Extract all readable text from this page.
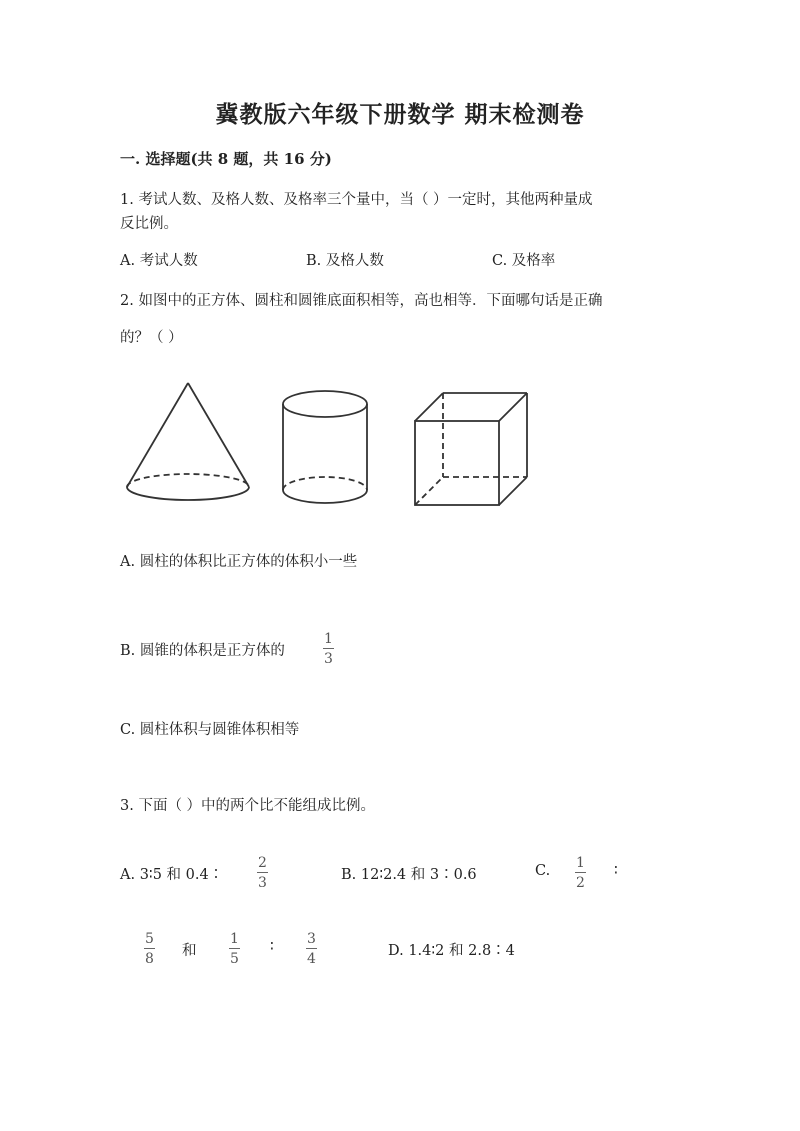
冀教版六年级下册数学 期末检测卷
一. 选择题(共 8 题，共 16 分)
1. 考试人数、及格人数、及格率三个量中，当（ ）一定时，其他两种量成
反比例。
A. 考试人数	B. 及格人数	C. 及格率
2. 如图中的正方体、圆柱和圆锥底面积相等，高也相等．下面哪句话是正确
的？（ ）
A. 圆柱的体积比正方体的体积小一些
B. 圆锥的体积是正方体的
1
3
C. 圆柱体积与圆锥体积相等
3. 下面（ ）中的两个比不能组成比例。
A. 3∶5 和 0.4∶
2
3	B. 12∶2.4 和 3∶0.6	C. 1
2
∶
5
8 和
1
5
∶ 3
4	D. 1.4∶2 和 2.8∶4
